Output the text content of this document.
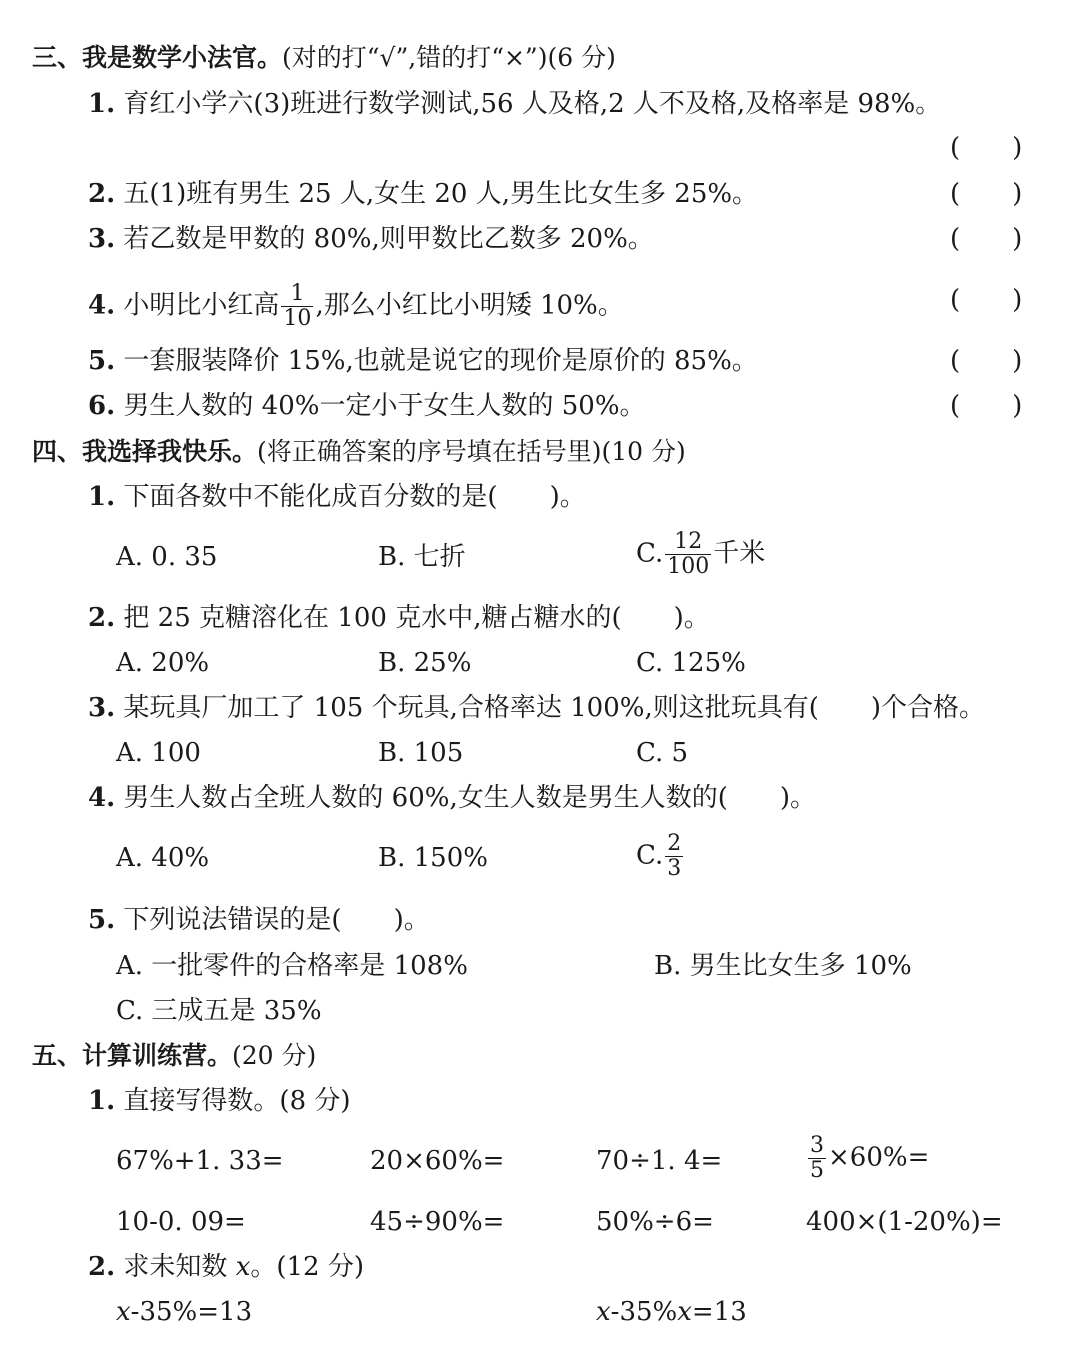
三、我是数学小法官。(对的打“√”,错的打“×”)(6 分)
1. 育红小学六(3)班进行数学测试,56 人及格,2 人不及格,及格率是 98%。
(　　)
2. 五(1)班有男生 25 人,女生 20 人,男生比女生多 25%。	(　　)
3. 若乙数是甲数的 80%,则甲数比乙数多 20%。	(　　)
4. 小明比小红高 $\frac{1}{10}$ ,那么小红比小明矮 10%。	(　　)
5. 一套服装降价 15%,也就是说它的现价是原价的 85%。	(　　)
6. 男生人数的 40%一定小于女生人数的 50%。	(　　)
四、我选择我快乐。(将正确答案的序号填在括号里)(10 分)
1. 下面各数中不能化成百分数的是(　　)。
A. 0. 35	B. 七折	C. $\frac{12}{100}$ 千米
2. 把 25 克糖溶化在 100 克水中,糖占糖水的(　　)。
A. 20%	B. 25%	C. 125%
3. 某玩具厂加工了 105 个玩具,合格率达 100%,则这批玩具有(　　)个合格。
A. 100	B. 105	C. 5
4. 男生人数占全班人数的 60%,女生人数是男生人数的(　　)。
A. 40%	B. 150%	C. $\frac{2}{3}$
5. 下列说法错误的是(　　)。
A. 一批零件的合格率是 108%	B. 男生比女生多 10%
C. 三成五是 35%
五、计算训练营。(20 分)
1. 直接写得数。(8 分)
67%+1. 33=	20×60%=	70÷1. 4=	$\frac{3}{5} \times 60\%=$
10-0. 09=	45÷90%=	50%÷6=	400×(1-20%)=
2. 求未知数 x。(12 分)
x-35%=13	x-35%x=13
